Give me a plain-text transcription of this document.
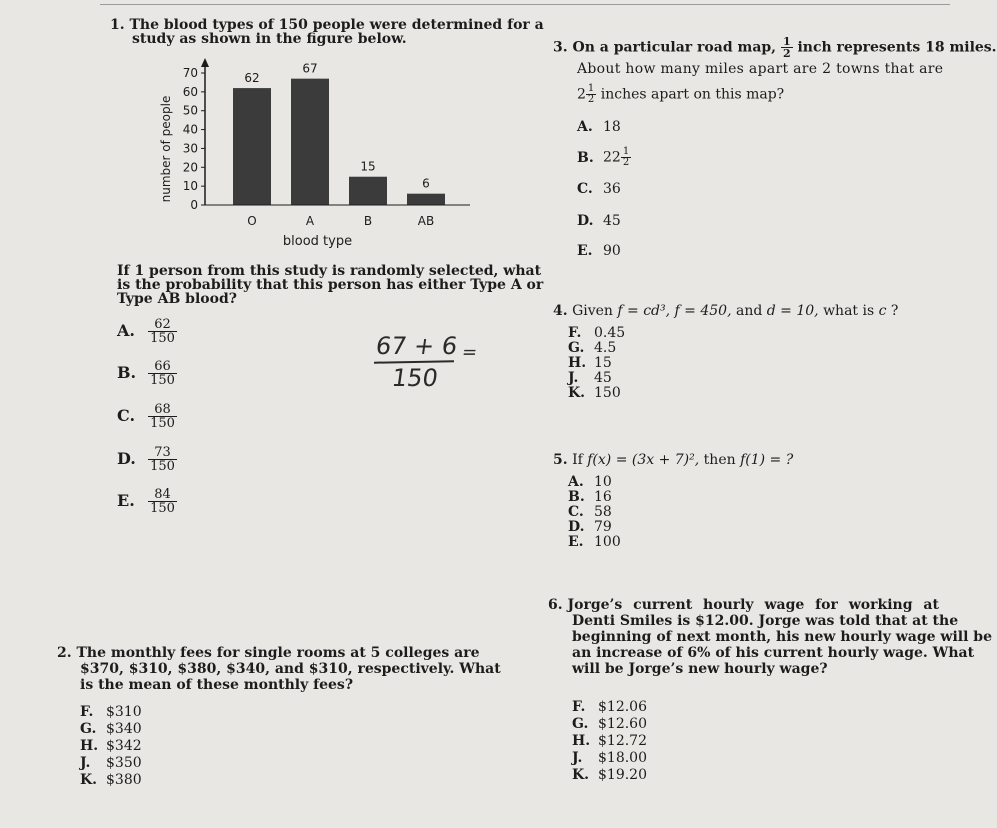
1. The blood types of 150 people were determined for a
study as shown in the figure below.
0
10
20
30
40
50
60
70	62
O
67
A
15
B
6
AB
blood type
number of people
If 1 person from this study is randomly selected, what
is the probability that this person has either Type A or
Type AB blood?
A. $\frac{62}{150}$
B. $\frac{66}{150}$
C. $\frac{68}{150}$
D. $\frac{73}{150}$
E. $\frac{84}{150}$
67 + 6
150
=
2. The monthly fees for single rooms at 5 colleges are
$370, $310, $380, $340, and $310, respectively. What
is the mean of these monthly fees?
F. $310
G. $340
H. $342
J. $350
K. $380
3. On a particular road map, $\frac{1}{2}$ inch represents 18 miles.
About how many miles apart are 2 towns that are
$2 \frac{1}{2}$ inches apart on this map?
A. 18
B. $22 \frac{1}{2}$
C. 36
D. 45
E. 90
4. Given f = cd³, f = 450, and d = 10, what is c ?
F. 0.45
G. 4.5
H. 15
J. 45
K. 150
5. If f(x) = (3x + 7)², then f(1) = ?
A. 10
B. 16
C. 58
D. 79
E. 100
6. Jorge’s current hourly wage for working at
Denti Smiles is $12.00. Jorge was told that at the
beginning of next month, his new hourly wage will be
an increase of 6% of his current hourly wage. What
will be Jorge’s new hourly wage?
F. $12.06
G. $12.60
H. $12.72
J. $18.00
K. $19.20
